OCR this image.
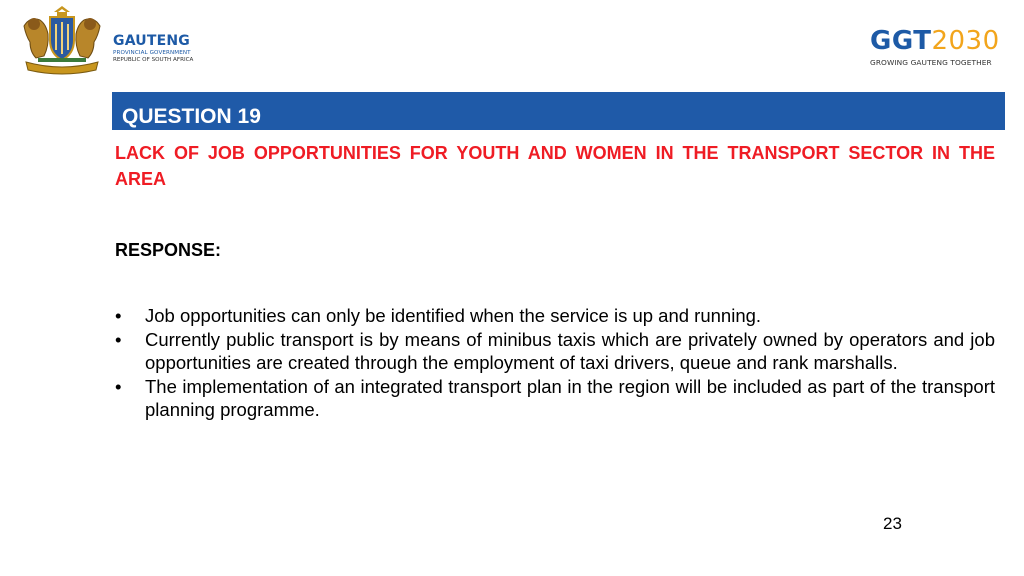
GAUTENG
PROVINCIAL GOVERNMENT
REPUBLIC OF SOUTH AFRICA
GGT2030
GROWING GAUTENG TOGETHER
QUESTION 19
LACK OF JOB OPPORTUNITIES FOR YOUTH AND WOMEN IN THE TRANSPORT SECTOR IN THE AREA
RESPONSE:
• Job opportunities can only be identified when the service is up and running.
• Currently public transport is by means of minibus taxis which are privately owned by operators and job opportunities are created through the employment of taxi drivers, queue and rank marshalls.
• The implementation of an integrated transport plan in the region will be included as part of the transport planning programme.
23
